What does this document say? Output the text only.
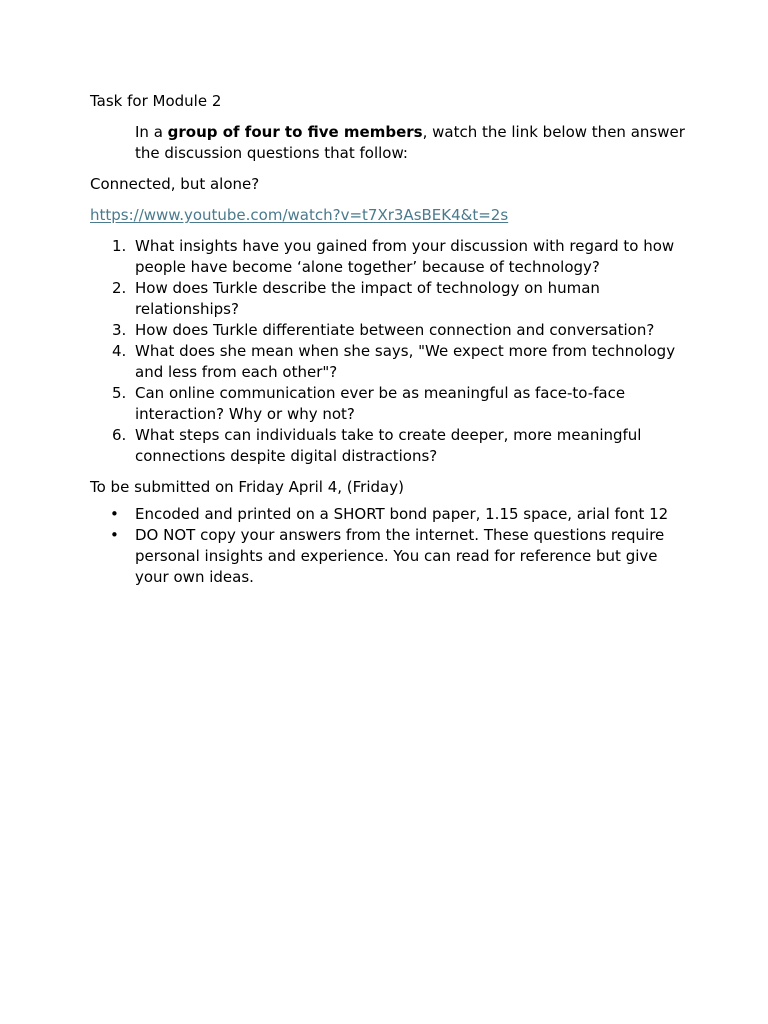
Task for Module 2

In a group of four to five members, watch the link below then answer the discussion questions that follow:

Connected, but alone?

https://www.youtube.com/watch?v=t7Xr3AsBEK4&t=2s

1. What insights have you gained from your discussion with regard to how people have become ‘alone together’ because of technology?
2. How does Turkle describe the impact of technology on human relationships?
3. How does Turkle differentiate between connection and conversation?
4. What does she mean when she says, "We expect more from technology and less from each other"?
5. Can online communication ever be as meaningful as face-to-face interaction? Why or why not?
6. What steps can individuals take to create deeper, more meaningful connections despite digital distractions?

To be submitted on Friday April 4, (Friday)

• Encoded and printed on a SHORT bond paper, 1.15 space, arial font 12
• DO NOT copy your answers from the internet. These questions require personal insights and experience. You can read for reference but give your own ideas.
